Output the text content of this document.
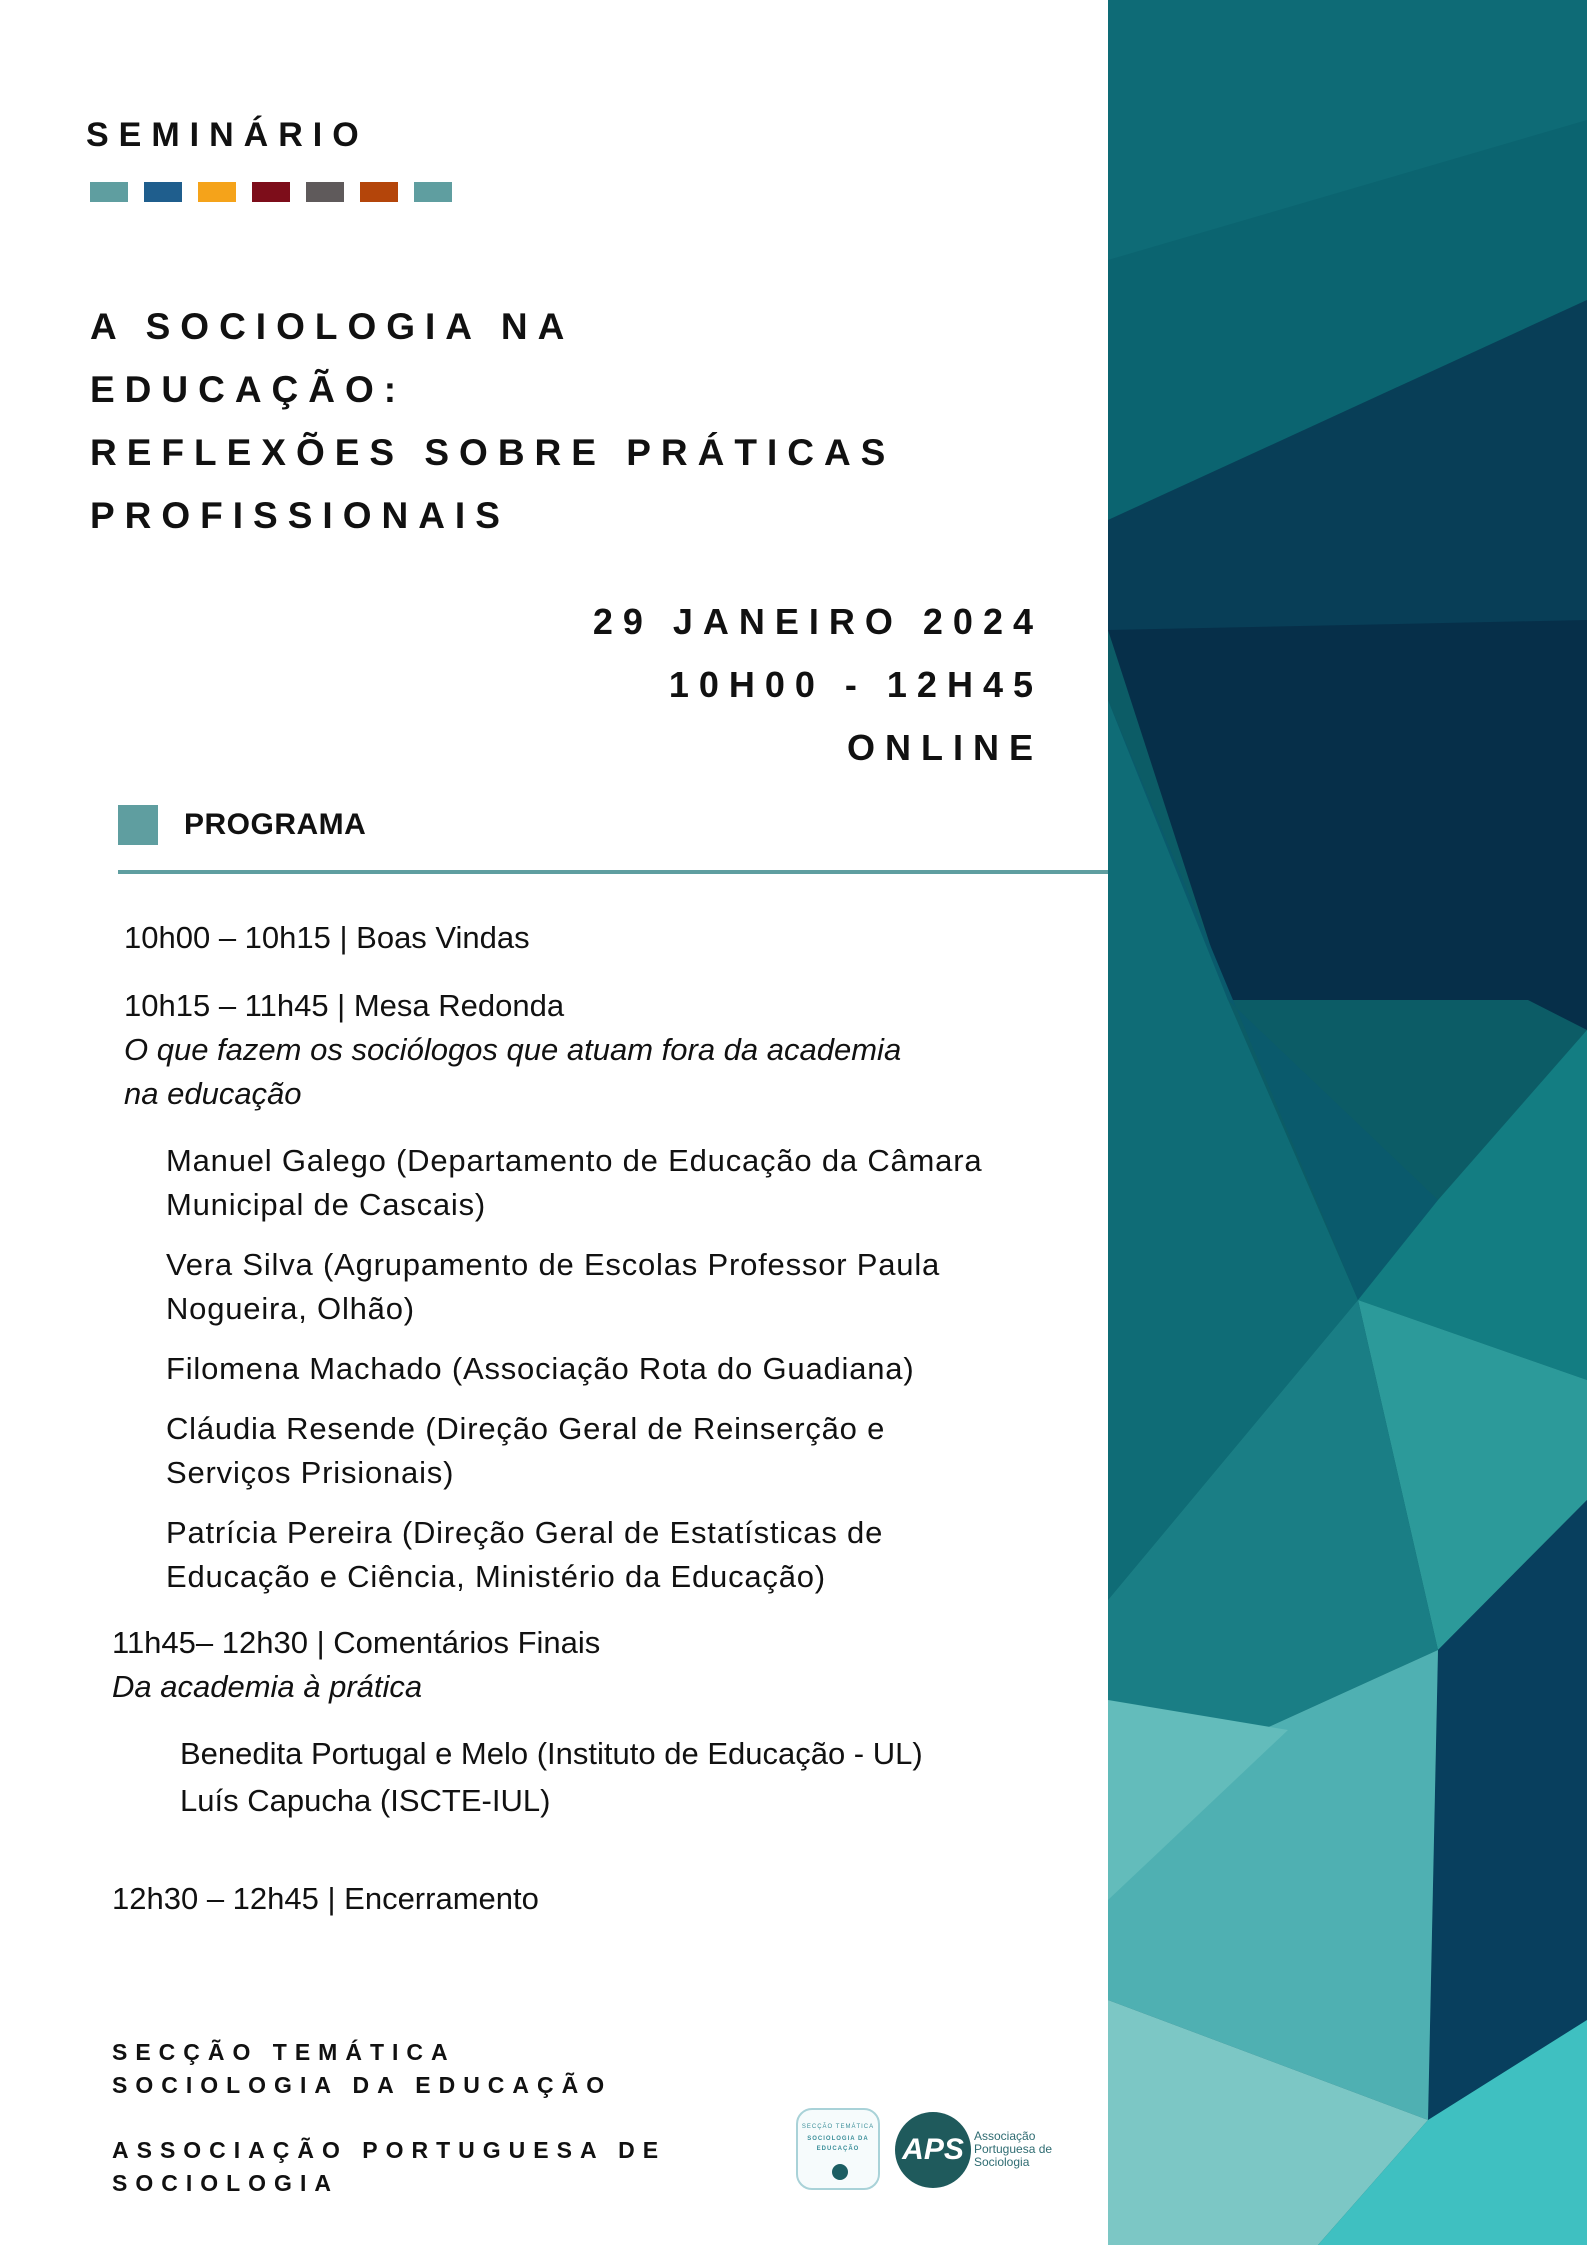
SEMINÁRIO
A SOCIOLOGIA NA
EDUCAÇÃO:
REFLEXÕES SOBRE PRÁTICAS
PROFISSIONAIS
29 JANEIRO 2024
10H00 - 12H45
ONLINE
PROGRAMA
10h00 – 10h15 | Boas Vindas
10h15 – 11h45 | Mesa Redonda
O que fazem os sociólogos que atuam fora da academia
na educação
Manuel Galego (Departamento de Educação da Câmara
Municipal de Cascais)
Vera Silva (Agrupamento de Escolas Professor Paula
Nogueira, Olhão)
Filomena Machado (Associação Rota do Guadiana)
Cláudia Resende (Direção Geral de Reinserção e
Serviços Prisionais)
Patrícia Pereira (Direção Geral de Estatísticas de
Educação e Ciência, Ministério da Educação)
11h45– 12h30 | Comentários Finais
Da academia à prática
Benedita Portugal e Melo (Instituto de Educação - UL)
Luís Capucha (ISCTE-IUL)
12h30 – 12h45 | Encerramento
SECÇÃO TEMÁTICA
SOCIOLOGIA DA EDUCAÇÃO
ASSOCIAÇÃO PORTUGUESA DE
SOCIOLOGIA
SECÇÃO TEMÁTICA
SOCIOLOGIA DA
EDUCAÇÃO	APS Associação
Portuguesa de
Sociologia
